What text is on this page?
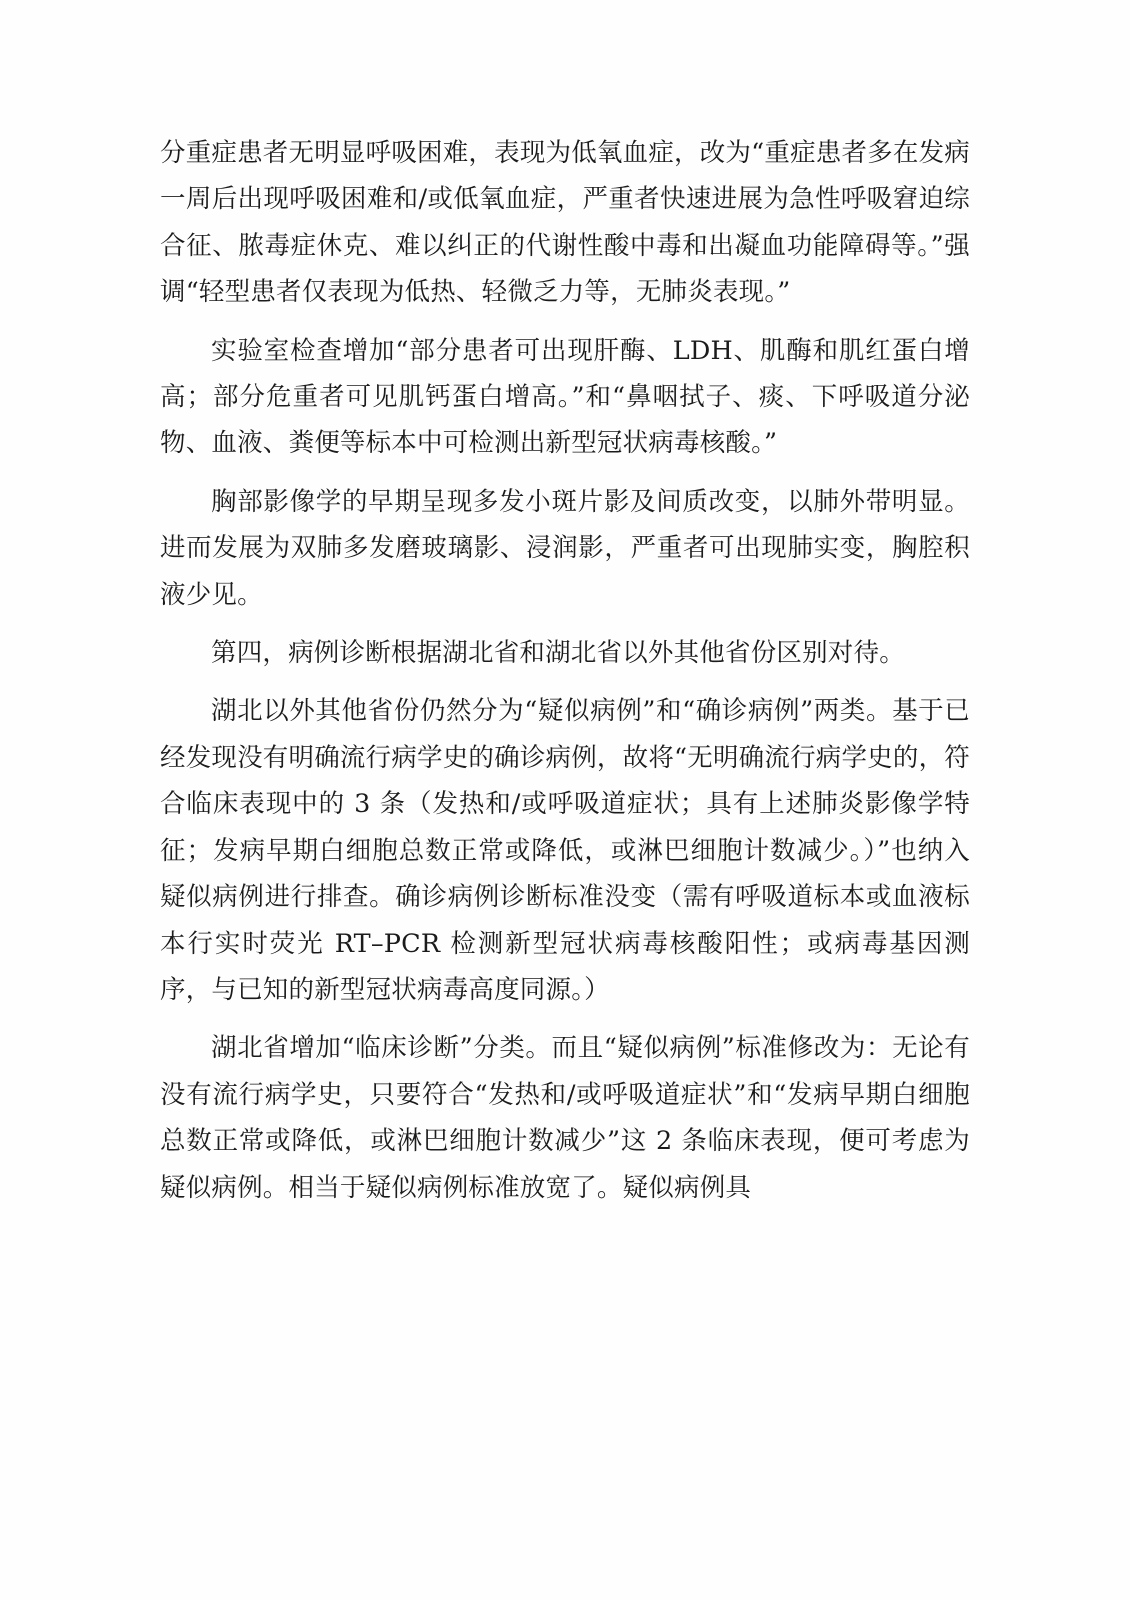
分重症患者无明显呼吸困难，表现为低氧血症，改为“重症患者多在发病一周后出现呼吸困难和/或低氧血症，严重者快速进展为急性呼吸窘迫综合征、脓毒症休克、难以纠正的代谢性酸中毒和出凝血功能障碍等。”强调“轻型患者仅表现为低热、轻微乏力等，无肺炎表现。”

实验室检查增加“部分患者可出现肝酶、LDH、肌酶和肌红蛋白增高；部分危重者可见肌钙蛋白增高。”和“鼻咽拭子、痰、下呼吸道分泌物、血液、粪便等标本中可检测出新型冠状病毒核酸。”

胸部影像学的早期呈现多发小斑片影及间质改变，以肺外带明显。进而发展为双肺多发磨玻璃影、浸润影，严重者可出现肺实变，胸腔积液少见。

第四，病例诊断根据湖北省和湖北省以外其他省份区别对待。

湖北以外其他省份仍然分为“疑似病例”和“确诊病例”两类。基于已经发现没有明确流行病学史的确诊病例，故将“无明确流行病学史的，符合临床表现中的 3 条（发热和/或呼吸道症状；具有上述肺炎影像学特征；发病早期白细胞总数正常或降低，或淋巴细胞计数减少。）”也纳入疑似病例进行排查。确诊病例诊断标准没变（需有呼吸道标本或血液标本行实时荧光 RT–PCR 检测新型冠状病毒核酸阳性；或病毒基因测序，与已知的新型冠状病毒高度同源。）

湖北省增加“临床诊断”分类。而且“疑似病例”标准修改为：无论有没有流行病学史，只要符合“发热和/或呼吸道症状”和“发病早期白细胞总数正常或降低，或淋巴细胞计数减少”这 2 条临床表现，便可考虑为疑似病例。相当于疑似病例标准放宽了。疑似病例具
